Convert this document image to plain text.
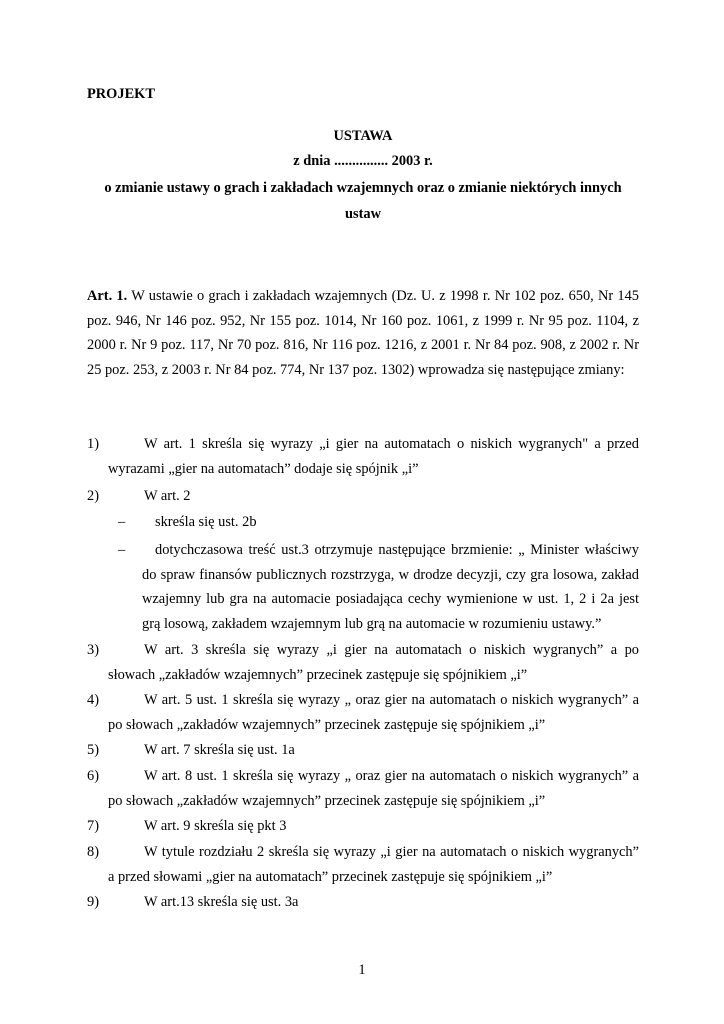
PROJEKT
USTAWA
z dnia ............... 2003 r.
o zmianie ustawy o grach i zakładach wzajemnych oraz o zmianie niektórych innych
ustaw
Art. 1. W ustawie o grach i zakładach wzajemnych (Dz. U. z 1998 r. Nr 102 poz. 650, Nr 145 poz. 946, Nr 146 poz. 952, Nr 155 poz. 1014, Nr 160 poz. 1061, z 1999 r. Nr 95 poz. 1104, z 2000 r. Nr 9 poz. 117, Nr 70 poz. 816, Nr 116 poz. 1216, z 2001 r. Nr 84 poz. 908, z 2002 r. Nr 25 poz. 253, z 2003 r. Nr 84 poz. 774, Nr 137 poz. 1302) wprowadza się następujące zmiany:
1)	W art. 1 skreśla się wyrazy „i gier na automatach o niskich wygranych" a przed
wyrazami „gier na automatach” dodaje się spójnik „i”
2)	W art. 2
– skreśla się ust. 2b
– dotychczasowa treść ust.3 otrzymuje następujące brzmienie: „ Minister właściwy
do spraw finansów publicznych rozstrzyga, w drodze decyzji, czy gra losowa, zakład
wzajemny lub gra na automacie posiadająca cechy wymienione w ust. 1, 2 i 2a jest
grą losową, zakładem wzajemnym lub grą na automacie w rozumieniu ustawy.”
3)	W art. 3 skreśla się wyrazy „i gier na automatach o niskich wygranych” a po
słowach „zakładów wzajemnych” przecinek zastępuje się spójnikiem „i”
4)	W art. 5 ust. 1 skreśla się wyrazy „ oraz gier na automatach o niskich wygranych” a
po słowach „zakładów wzajemnych” przecinek zastępuje się spójnikiem „i”
5)	W art. 7 skreśla się ust. 1a
6)	W art. 8 ust. 1 skreśla się wyrazy „ oraz gier na automatach o niskich wygranych” a
po słowach „zakładów wzajemnych” przecinek zastępuje się spójnikiem „i”
7)	W art. 9 skreśla się pkt 3
8)	W tytule rozdziału 2 skreśla się wyrazy „i gier na automatach o niskich wygranych”
a przed słowami „gier na automatach” przecinek zastępuje się spójnikiem „i”
9)	W art.13 skreśla się ust. 3a
1
